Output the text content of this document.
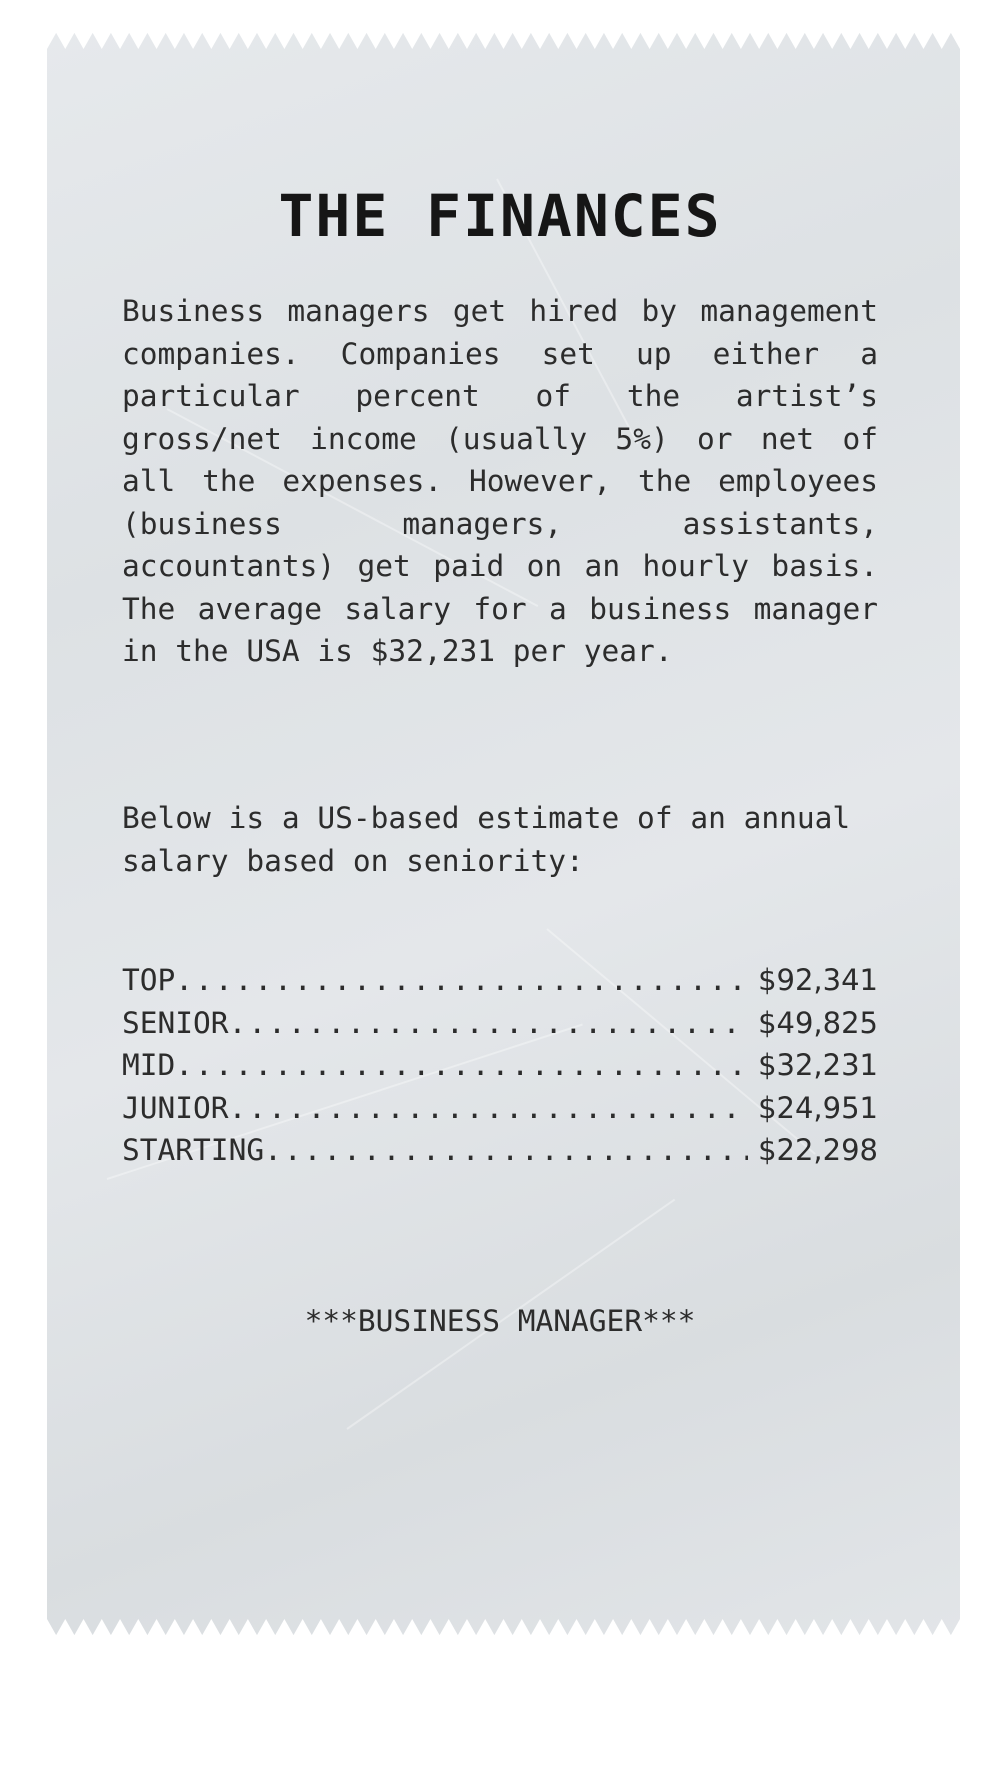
THE FINANCES

Business managers get hired by management companies. Companies set up either a particular percent of the artist’s gross/net income (usually 5%) or net of all the expenses. However, the employees (business managers, assistants, accountants) get paid on an hourly basis. The average salary for a business manager in the USA is $32,231 per year.

Below is a US-based estimate of an annual salary based on seniority:

TOP .....	$92,341
SENIOR .....	$49,825
MID .....	$32,231
JUNIOR .....	$24,951
STARTING .....	$22,298

***BUSINESS MANAGER***
